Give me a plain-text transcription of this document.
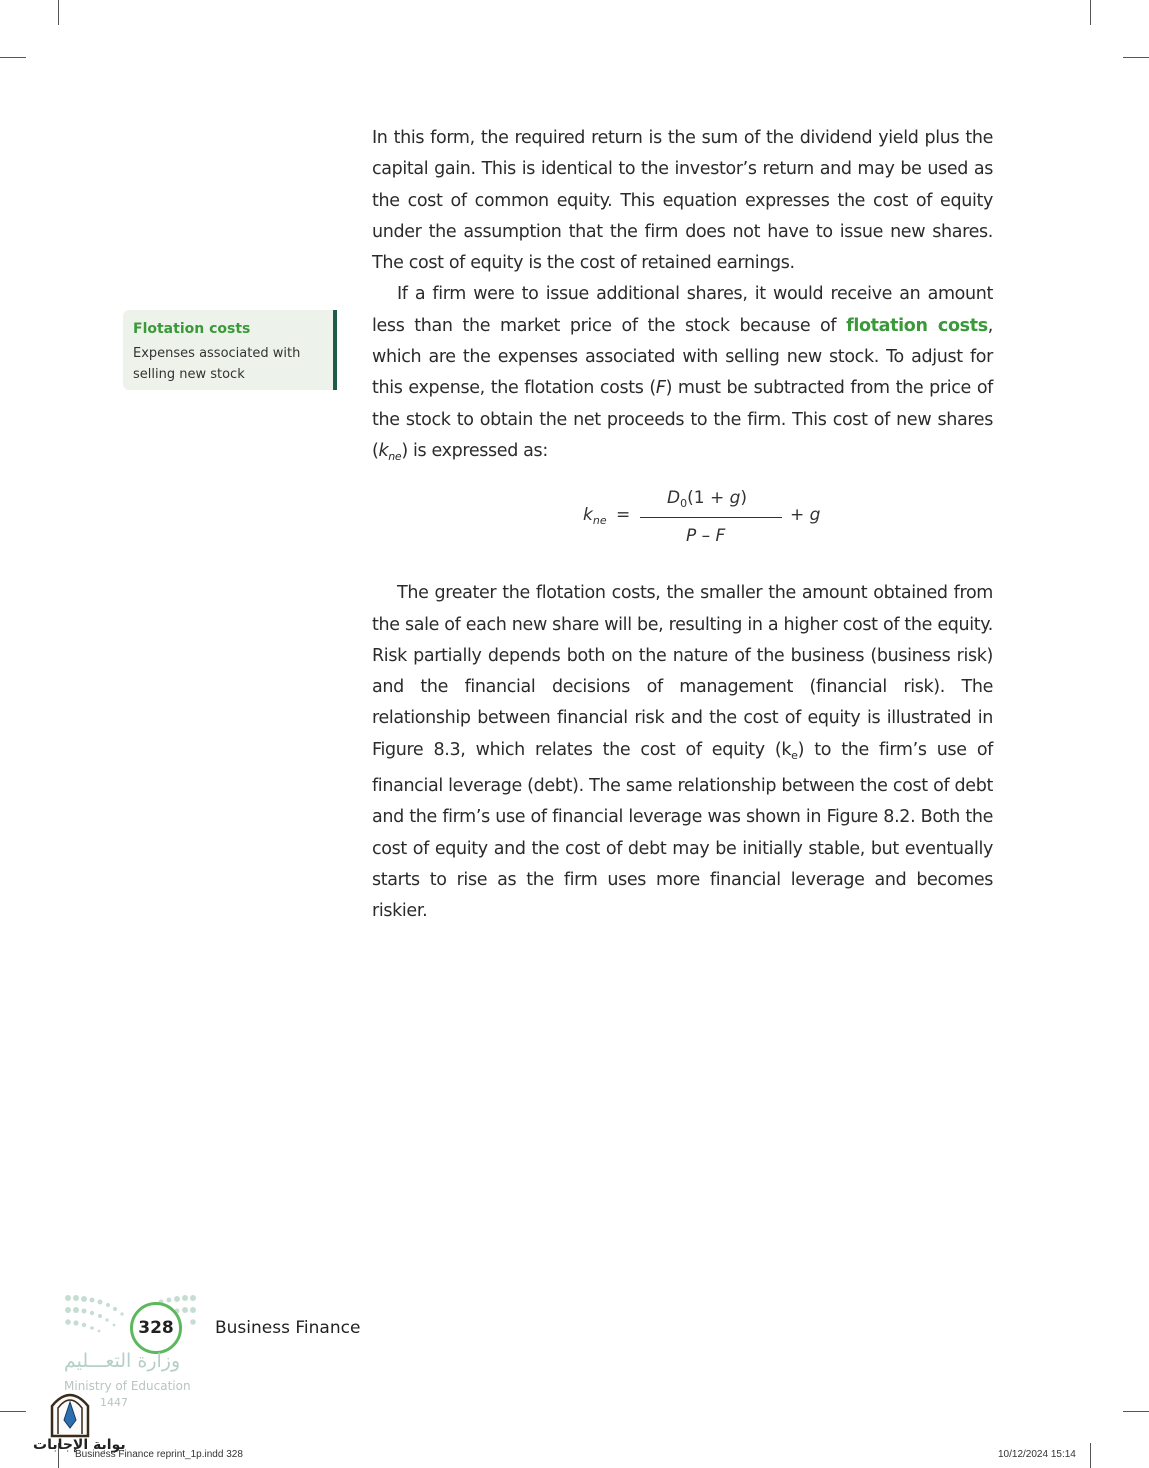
In this form, the required return is the sum of the dividend yield plus the capital gain. This is identical to the investor’s return and may be used as the cost of common equity. This equation expresses the cost of equity under the assumption that the firm does not have to issue new shares. The cost of equity is the cost of retained earnings.

If a firm were to issue additional shares, it would receive an amount less than the market price of the stock because of flotation costs, which are the expenses associated with selling new stock. To adjust for this expense, the flotation costs (F) must be subtracted from the price of the stock to obtain the net proceeds to the firm. This cost of new shares $(k_{ne})$ is expressed as:

The greater the flotation costs, the smaller the amount obtained from the sale of each new share will be, resulting in a higher cost of the equity. Risk partially depends both on the nature of the business (business risk) and the financial decisions of management (financial risk). The relationship between financial risk and the cost of equity is illustrated in Figure 8.3, which relates the cost of equity $(k_e)$ to the firm’s use of financial leverage (debt). The same relationship between the cost of debt and the firm’s use of financial leverage was shown in Figure 8.2. Both the cost of equity and the cost of debt may be initially stable, but eventually starts to rise as the firm uses more financial leverage and becomes riskier.

Flotation costs
Expenses associated with
selling new stock
$k_{ne}$ =
$D_0(1 + g)$
P – F
+ g
328	Business Finance
وزارة التعـــليم
Ministry of Education
1447
بوابة الإجابات
Business Finance reprint_1p.indd 328	10/12/2024 15:14
